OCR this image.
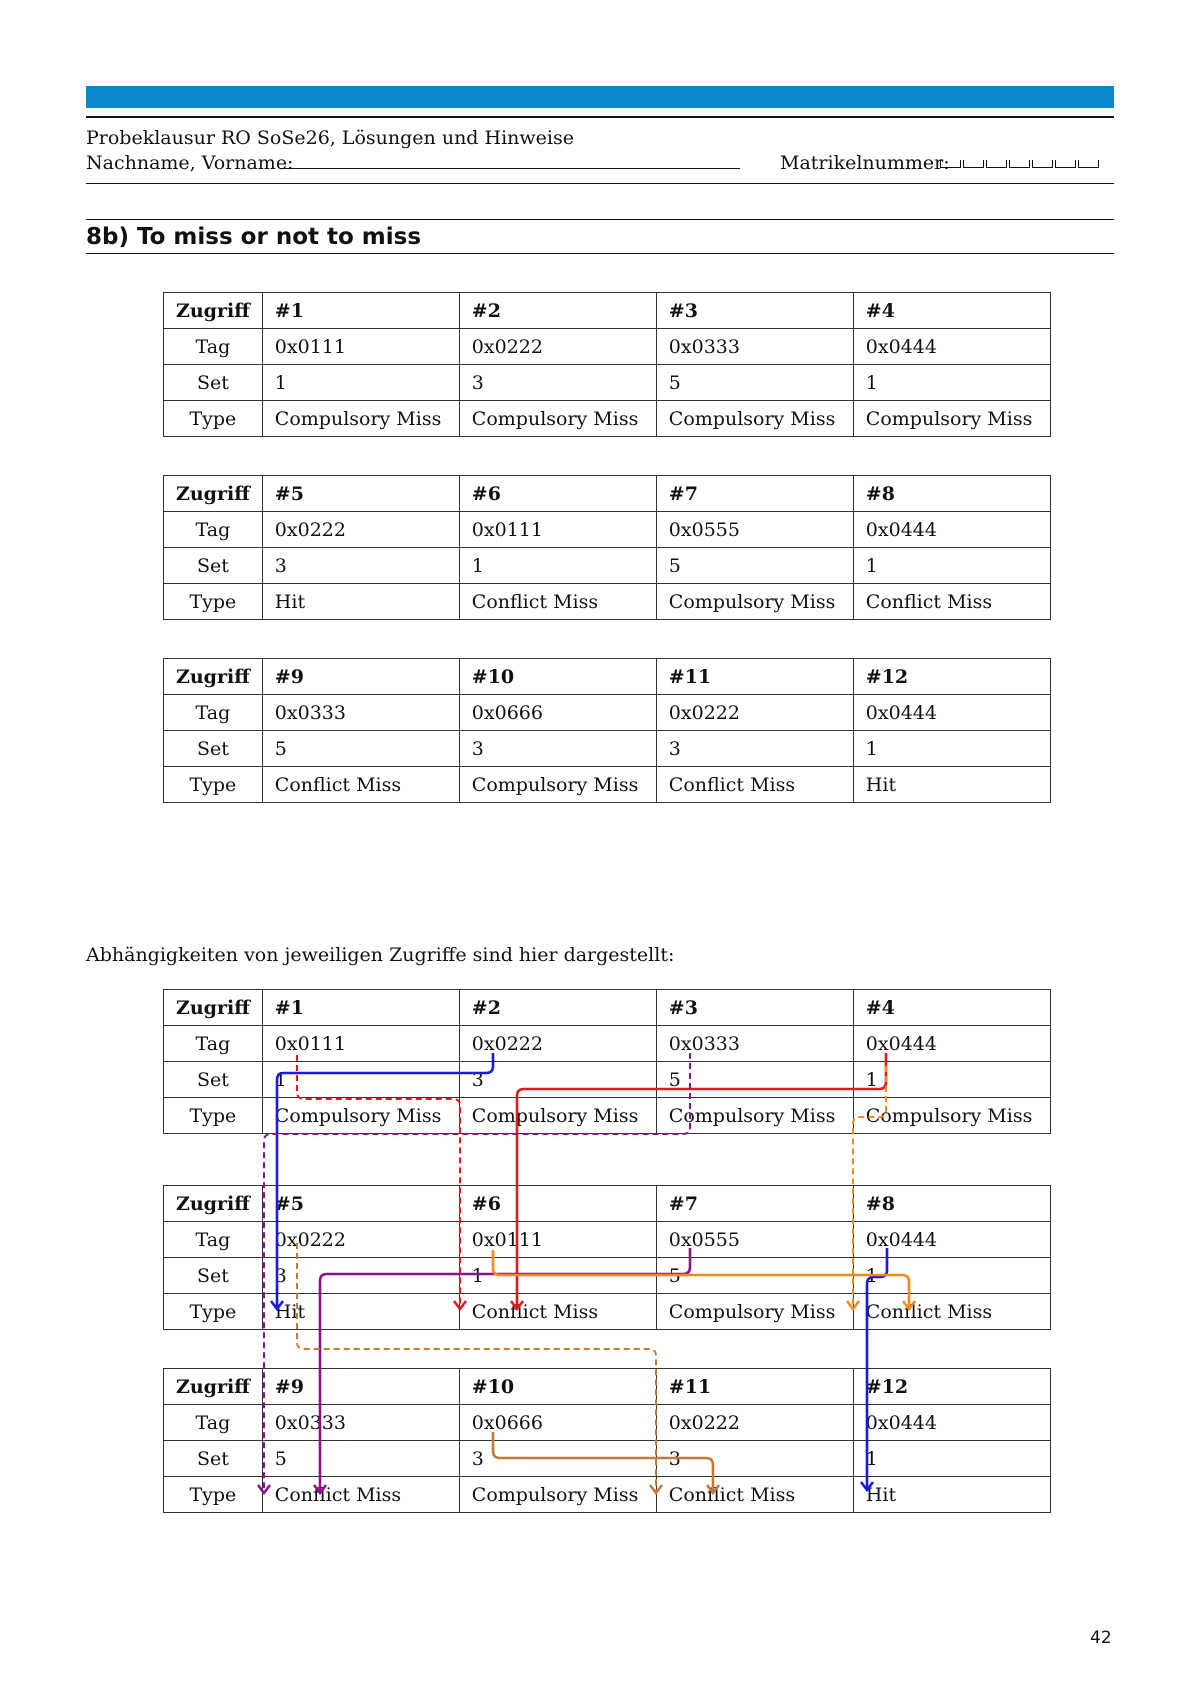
Probeklausur RO SoSe26, Lösungen und Hinweise
Nachname, Vorname:	Matrikelnummer:
8b) To miss or not to miss
Zugriff	#1	#2	#3	#4
Tag	0x0111	0x0222	0x0333	0x0444
Set	1	3	5	1
Type	Compulsory Miss	Compulsory Miss	Compulsory Miss	Compulsory Miss
Zugriff	#5	#6	#7	#8
Tag	0x0222	0x0111	0x0555	0x0444
Set	3	1	5	1
Type	Hit	Conflict Miss	Compulsory Miss	Conflict Miss
Zugriff	#9	#10	#11	#12
Tag	0x0333	0x0666	0x0222	0x0444
Set	5	3	3	1
Type	Conflict Miss	Compulsory Miss	Conflict Miss	Hit
Abhängigkeiten von jeweiligen Zugriffe sind hier dargestellt:
Zugriff	#1	#2	#3	#4
Tag	0x0111	0x0222	0x0333	0x0444
Set	1	3	5	1
Type	Compulsory Miss	Compulsory Miss	Compulsory Miss	Compulsory Miss
Zugriff	#5	#6	#7	#8
Tag	0x0222	0x0111	0x0555	0x0444
Set	3	1	5	1
Type	Hit	Conflict Miss	Compulsory Miss	Conflict Miss
Zugriff	#9	#10	#11	#12
Tag	0x0333	0x0666	0x0222	0x0444
Set	5	3	3	1
Type	Conflict Miss	Compulsory Miss	Conflict Miss	Hit
42
